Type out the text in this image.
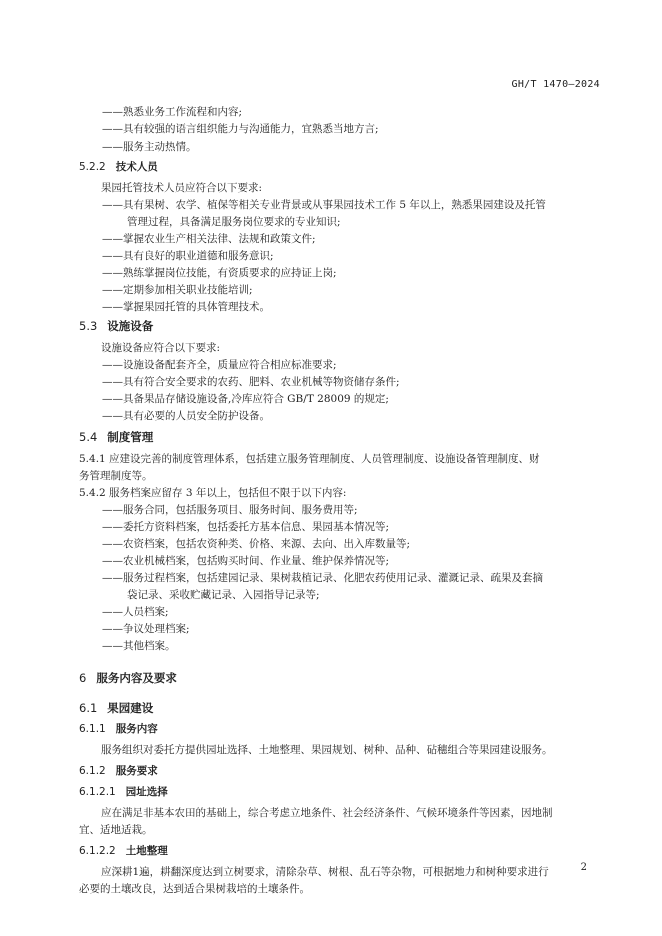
GH/T 1470—2024
——熟悉业务工作流程和内容;
——具有较强的语言组织能力与沟通能力，宜熟悉当地方言;
——服务主动热情。
5.2.2 技术人员
果园托管技术人员应符合以下要求:
——具有果树、农学、植保等相关专业背景或从事果园技术工作 5 年以上，熟悉果园建设及托管
管理过程，具备满足服务岗位要求的专业知识;
——掌握农业生产相关法律、法规和政策文件;
——具有良好的职业道德和服务意识;
——熟练掌握岗位技能，有资质要求的应持证上岗;
——定期参加相关职业技能培训;
——掌握果园托管的具体管理技术。
5.3 设施设备
设施设备应符合以下要求:
——设施设备配套齐全，质量应符合相应标准要求;
——具有符合安全要求的农药、肥料、农业机械等物资储存条件;
——具备果品存储设施设备,冷库应符合 GB/T 28009 的规定;
——具有必要的人员安全防护设备。
5.4 制度管理
5.4.1 应建设完善的制度管理体系，包括建立服务管理制度、人员管理制度、设施设备管理制度、财
务管理制度等。
5.4.2 服务档案应留存 3 年以上，包括但不限于以下内容:
——服务合同，包括服务项目、服务时间、服务费用等;
——委托方资料档案，包括委托方基本信息、果园基本情况等;
——农资档案，包括农资种类、价格、来源、去向、出入库数量等;
——农业机械档案，包括购买时间、作业量、维护保养情况等;
——服务过程档案，包括建园记录、果树栽植记录、化肥农药使用记录、灌溉记录、疏果及套摘
袋记录、采收贮藏记录、入园指导记录等;
——人员档案;
——争议处理档案;
——其他档案。
6 服务内容及要求
6.1 果园建设
6.1.1 服务内容
服务组织对委托方提供园址选择、土地整理、果园规划、树种、品种、砧穗组合等果园建设服务。
6.1.2 服务要求
6.1.2.1 园址选择
应在满足非基本农田的基础上，综合考虑立地条件、社会经济条件、气候环境条件等因素，因地制
宜、适地适栽。
6.1.2.2 土地整理
应深耕1遍，耕翻深度达到立树要求，清除杂草、树根、乱石等杂物，可根据地力和树种要求进行
必要的土壤改良，达到适合果树栽培的土壤条件。
2
